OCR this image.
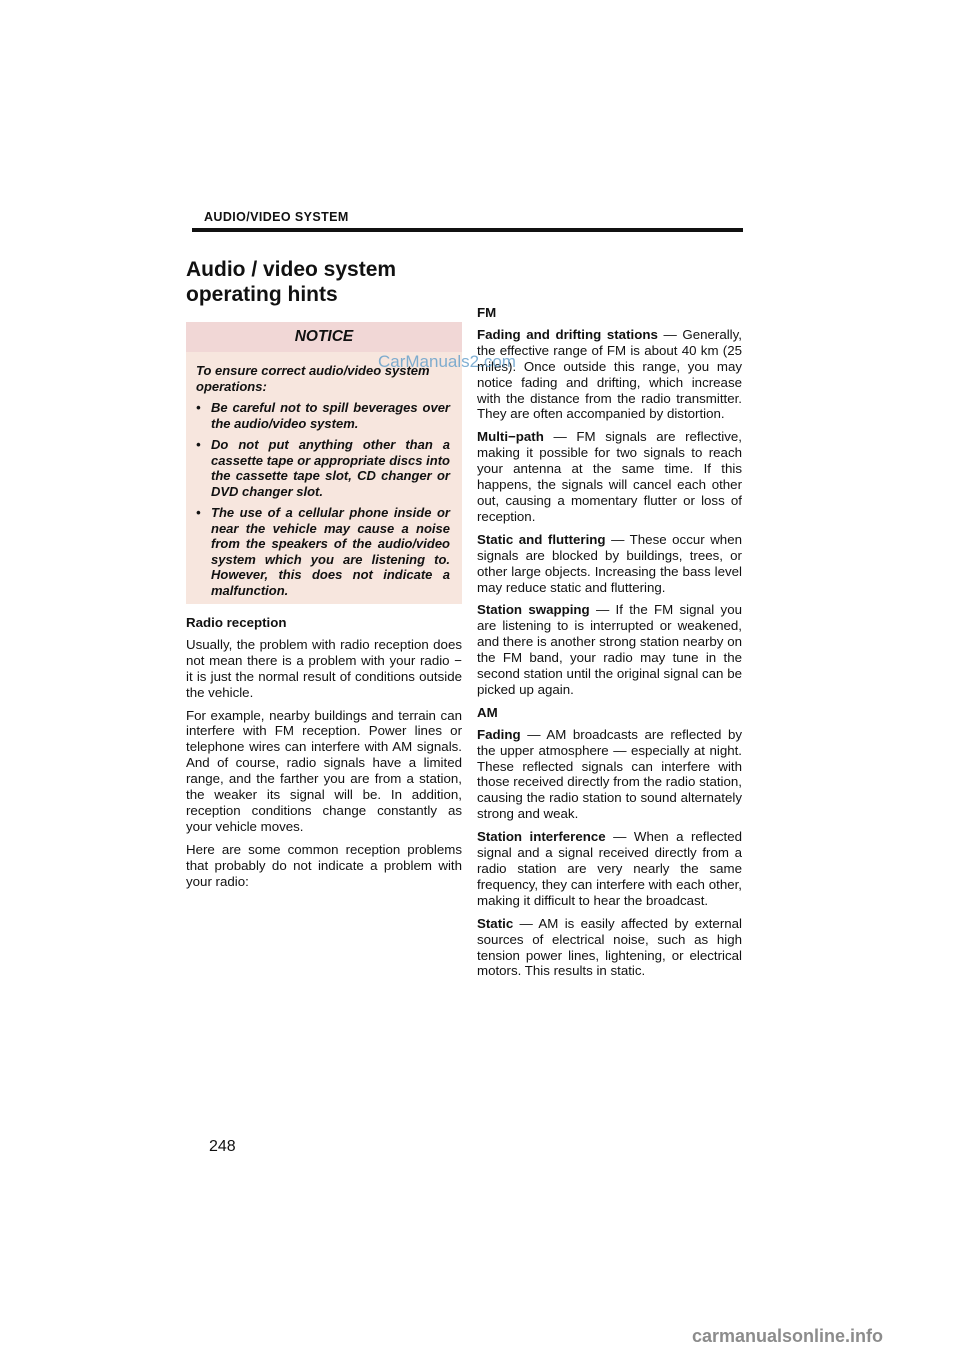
AUDIO/VIDEO SYSTEM
Audio / video system operating hints
NOTICE

To ensure correct audio/video system operations:

• Be careful not to spill beverages over the audio/video system.

• Do not put anything other than a cassette tape or appropriate discs into the cassette tape slot, CD changer or DVD changer slot.

• The use of a cellular phone inside or near the vehicle may cause a noise from the speakers of the audio/video system which you are listening to. However, this does not indicate a malfunction.

Radio reception

Usually, the problem with radio reception does not mean there is a problem with your radio − it is just the normal result of conditions outside the vehicle.

For example, nearby buildings and terrain can interfere with FM reception. Power lines or telephone wires can interfere with AM signals. And of course, radio signals have a limited range, and the farther you are from a station, the weaker its signal will be. In addition, reception conditions change constantly as your vehicle moves.

Here are some common reception problems that probably do not indicate a problem with your radio:

FM

Fading and drifting stations — Generally, the effective range of FM is about 40 km (25 miles). Once outside this range, you may notice fading and drifting, which increase with the distance from the radio transmitter. They are often accompanied by distortion.

Multi−path — FM signals are reflective, making it possible for two signals to reach your antenna at the same time. If this happens, the signals will cancel each other out, causing a momentary flutter or loss of reception.

Static and fluttering — These occur when signals are blocked by buildings, trees, or other large objects. Increasing the bass level may reduce static and fluttering.

Station swapping — If the FM signal you are listening to is interrupted or weakened, and there is another strong station nearby on the FM band, your radio may tune in the second station until the original signal can be picked up again.

AM

Fading — AM broadcasts are reflected by the upper atmosphere — especially at night. These reflected signals can interfere with those received directly from the radio station, causing the radio station to sound alternately strong and weak.

Station interference — When a reflected signal and a signal received directly from a radio station are very nearly the same frequency, they can interfere with each other, making it difficult to hear the broadcast.

Static — AM is easily affected by external sources of electrical noise, such as high tension power lines, lightening, or electrical motors. This results in static.

CarManuals2.com
248
carmanualsonline.info
